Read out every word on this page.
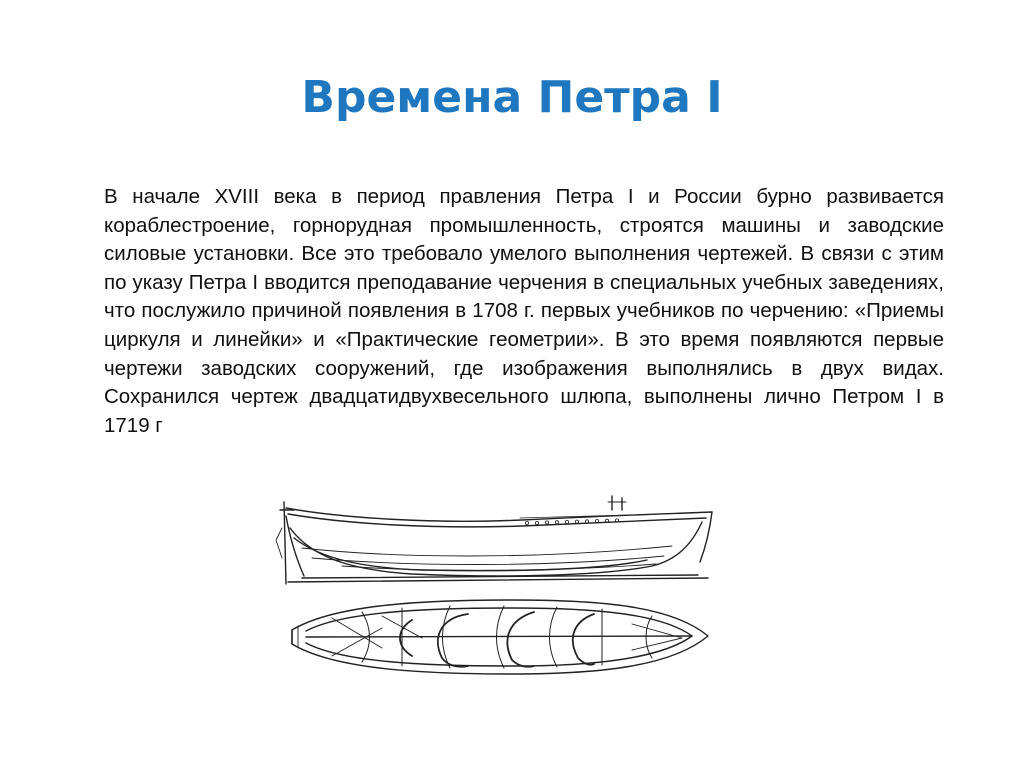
Времена Петра I

В начале XVIII века в период правления Петра I и России бурно развивается кораблестроение, горнорудная промышленность, строятся машины и заводские силовые установки. Все это требовало умелого выполнения чертежей. В связи с этим по указу Петра I вводится преподавание черчения в специальных учебных заведениях, что послужило причиной появления в 1708 г. первых учебников по черчению: «Приемы циркуля и линейки» и «Практические геометрии». В это время появляются первые чертежи заводских сооружений, где изображения выполнялись в двух видах. Сохранился чертеж двадцатидвухвесельного шлюпа, выполнены лично Петром I в 1719 г
